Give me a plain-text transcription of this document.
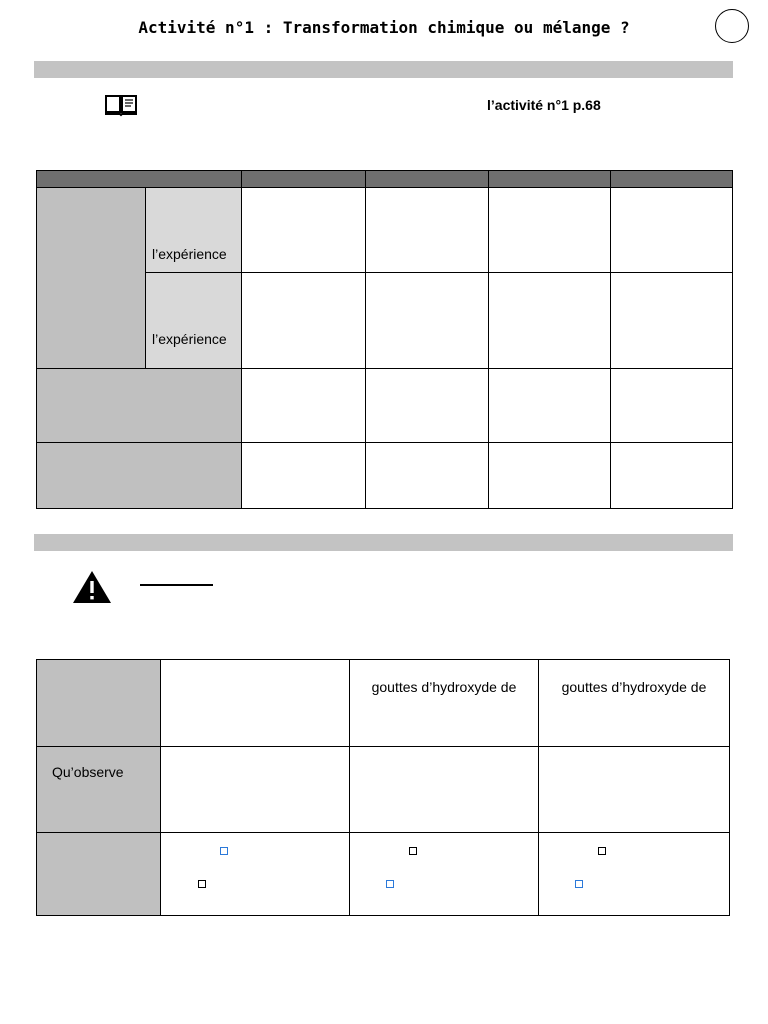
Activité n°1 : Transformation chimique ou mélange ?
l’activité n°1 p.68

	l’expérience				
	l’expérience				

		gouttes d’hydroxyde de	gouttes d’hydroxyde de
Qu’observe			
